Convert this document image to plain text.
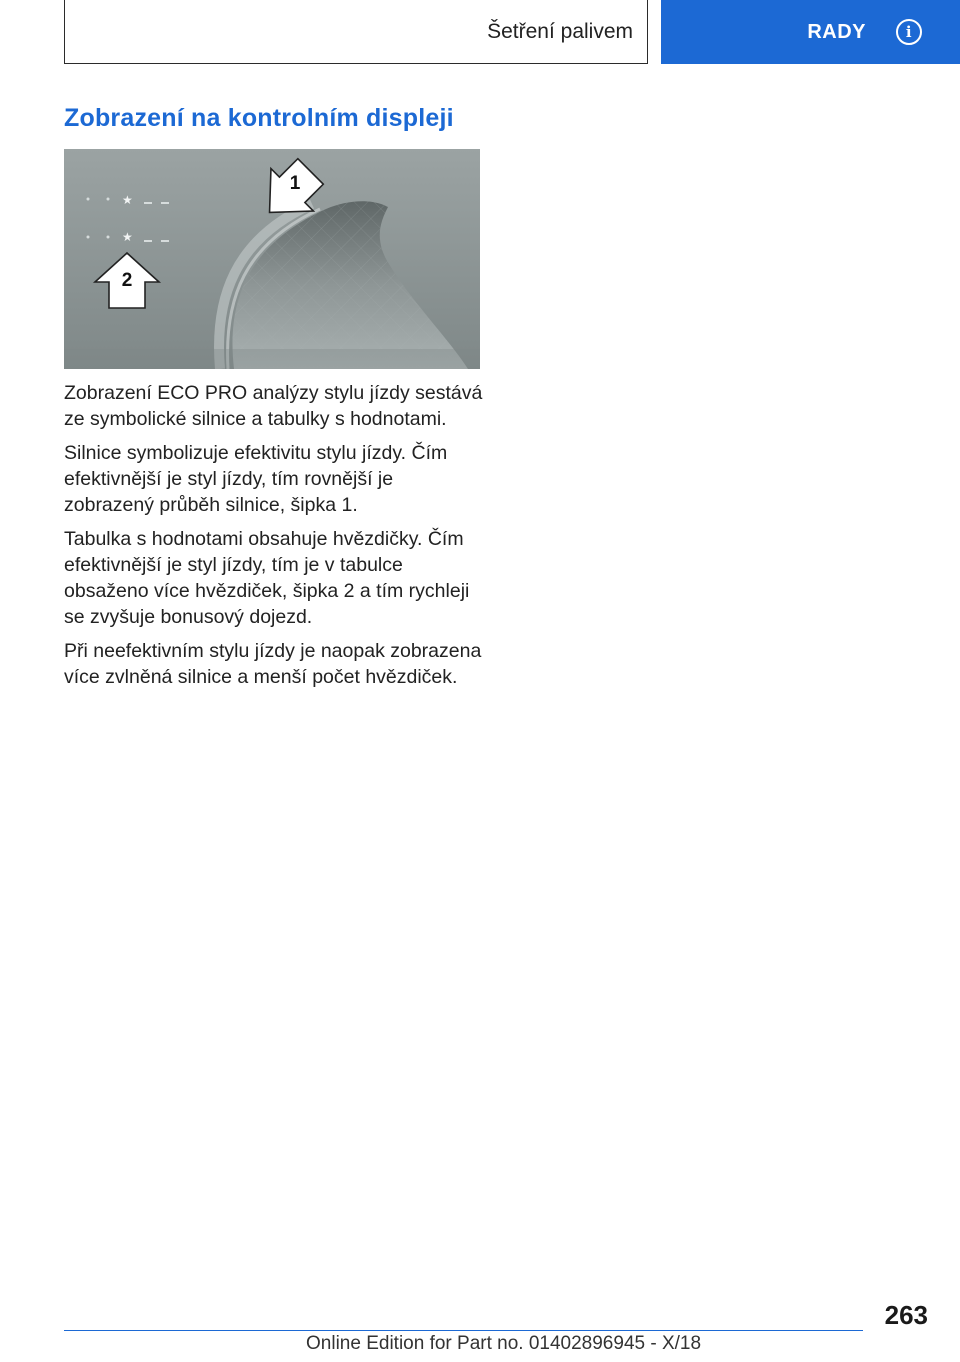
Šetření palivem	RADY	i
Zobrazení na kontrolním displeji
★
★
1
2

Zobrazení ECO PRO analýzy stylu jízdy sestává ze symbolické silnice a tabulky s hodnotami.

Silnice symbolizuje efektivitu stylu jízdy. Čím efektivnější je styl jízdy, tím rovnější je zobrazený průběh silnice, šipka 1.

Tabulka s hodnotami obsahuje hvězdičky. Čím efektivnější je styl jízdy, tím je v tabulce obsaženo více hvězdiček, šipka 2 a tím rychleji se zvyšuje bonusový dojezd.

Při neefektivním stylu jízdy je naopak zobrazena více zvlněná silnice a menší počet hvězdiček.

263
Online Edition for Part no. 01402896945 - X/18
